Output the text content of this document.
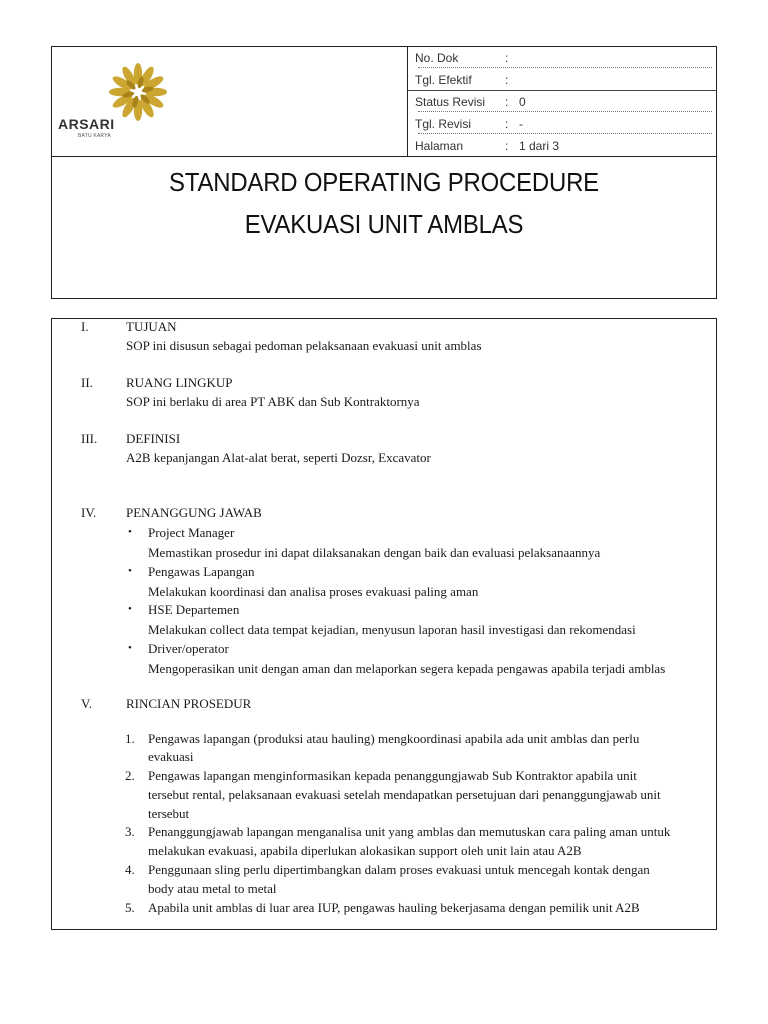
ARSARI
BATU KARYA
No. Dok	:
Tgl. Efektif	:
Status Revisi : 0
Tgl. Revisi	: -
Halaman	: 1 dari 3
STANDARD OPERATING PROCEDURE
EVAKUASI UNIT AMBLAS
I.	TUJUAN
SOP ini disusun sebagai pedoman pelaksanaan evakuasi unit amblas
II.	RUANG LINGKUP
SOP ini berlaku di area PT ABK dan Sub Kontraktornya
III. DEFINISI
A2B kepanjangan Alat-alat berat, seperti Dozsr, Excavator
IV. PENANGGUNG JAWAB
• Project Manager
Memastikan prosedur ini dapat dilaksanakan dengan baik dan evaluasi pelaksanaannya
• Pengawas Lapangan
Melakukan koordinasi dan analisa proses evakuasi paling aman
• HSE Departemen
Melakukan collect data tempat kejadian, menyusun laporan hasil investigasi dan rekomendasi
• Driver/operator
Mengoperasikan unit dengan aman dan melaporkan segera kepada pengawas apabila terjadi amblas
V.	RINCIAN PROSEDUR
1. Pengawas lapangan (produksi atau hauling) mengkoordinasi apabila ada unit amblas dan perlu
evakuasi
2. Pengawas lapangan menginformasikan kepada penanggungjawab Sub Kontraktor apabila unit
tersebut rental, pelaksanaan evakuasi setelah mendapatkan persetujuan dari penanggungjawab unit
tersebut
3. Penanggungjawab lapangan menganalisa unit yang amblas dan memutuskan cara paling aman untuk
melakukan evakuasi, apabila diperlukan alokasikan support oleh unit lain atau A2B
4. Penggunaan sling perlu dipertimbangkan dalam proses evakuasi untuk mencegah kontak dengan
body atau metal to metal
5. Apabila unit amblas di luar area IUP, pengawas hauling bekerjasama dengan pemilik unit A2B
